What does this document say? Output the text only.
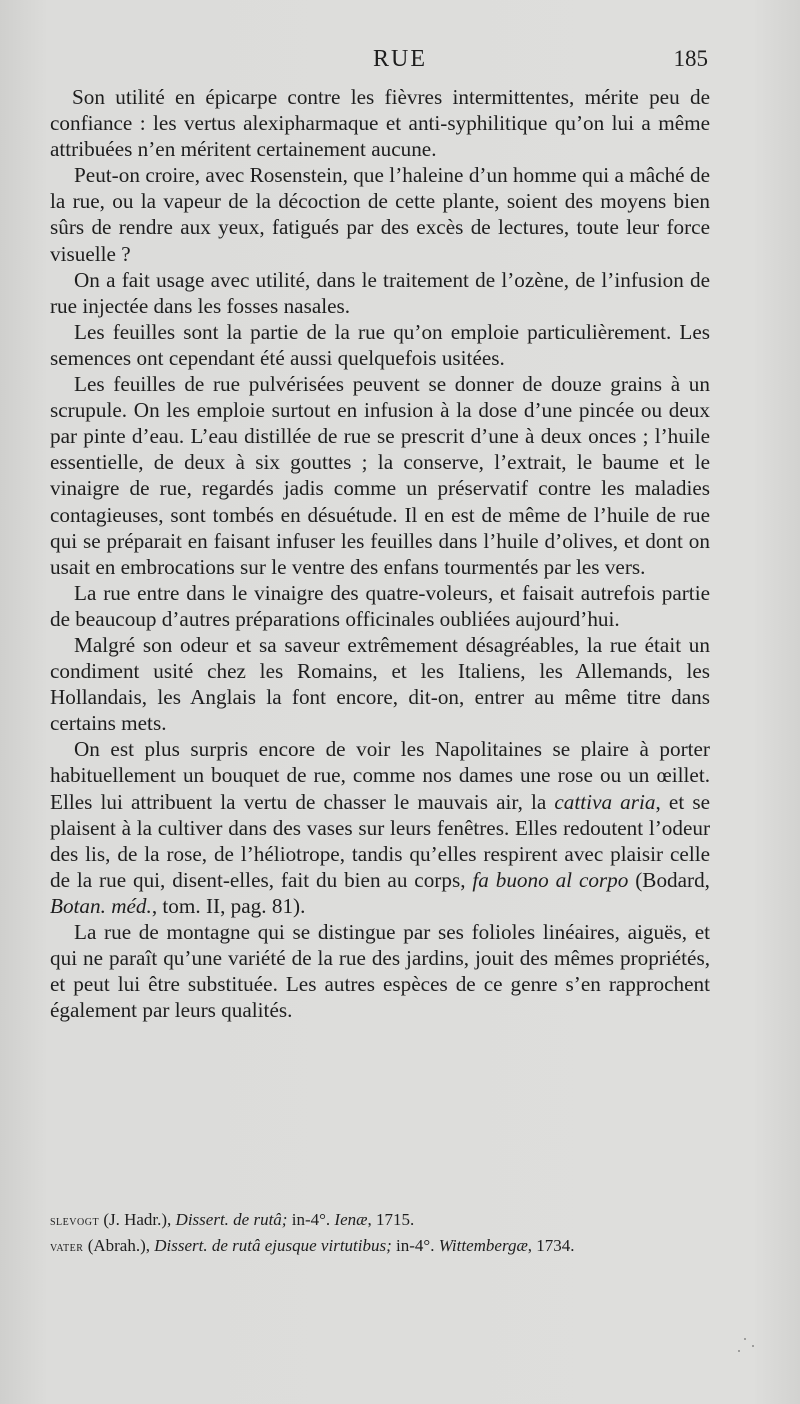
RUE	185

Son utilité en épicarpe contre les fièvres intermittentes, mérite peu de confiance : les vertus alexipharmaque et anti-syphilitique qu’on lui a même attribuées n’en méritent certainement aucune.

Peut-on croire, avec Rosenstein, que l’haleine d’un homme qui a mâché de la rue, ou la vapeur de la décoction de cette plante, soient des moyens bien sûrs de rendre aux yeux, fatigués par des excès de lectures, toute leur force visuelle ?

On a fait usage avec utilité, dans le traitement de l’ozène, de l’infusion de rue injectée dans les fosses nasales.

Les feuilles sont la partie de la rue qu’on emploie particulièrement. Les semences ont cependant été aussi quelquefois usitées.

Les feuilles de rue pulvérisées peuvent se donner de douze grains à un scrupule. On les emploie surtout en infusion à la dose d’une pincée ou deux par pinte d’eau. L’eau distillée de rue se prescrit d’une à deux onces ; l’huile essentielle, de deux à six gouttes ; la conserve, l’extrait, le baume et le vinaigre de rue, regardés jadis comme un préservatif contre les maladies contagieuses, sont tombés en désuétude. Il en est de même de l’huile de rue qui se préparait en faisant infuser les feuilles dans l’huile d’olives, et dont on usait en embrocations sur le ventre des enfans tourmentés par les vers.

La rue entre dans le vinaigre des quatre-voleurs, et faisait autrefois partie de beaucoup d’autres préparations officinales oubliées aujourd’hui.

Malgré son odeur et sa saveur extrêmement désagréables, la rue était un condiment usité chez les Romains, et les Italiens, les Allemands, les Hollandais, les Anglais la font encore, dit-on, entrer au même titre dans certains mets.

On est plus surpris encore de voir les Napolitaines se plaire à porter habituellement un bouquet de rue, comme nos dames une rose ou un œillet. Elles lui attribuent la vertu de chasser le mauvais air, la cattiva aria, et se plaisent à la cultiver dans des vases sur leurs fenêtres. Elles redoutent l’odeur des lis, de la rose, de l’héliotrope, tandis qu’elles respirent avec plaisir celle de la rue qui, disent-elles, fait du bien au corps, fa buono al corpo (Bodard, Botan. méd., tom. II, pag. 81).

La rue de montagne qui se distingue par ses folioles linéaires, aiguës, et qui ne paraît qu’une variété de la rue des jardins, jouit des mêmes propriétés, et peut lui être substituée. Les autres espèces de ce genre s’en rapprochent également par leurs qualités.

slevogt (J. Hadr.), Dissert. de rutâ; in-4°. Ienæ, 1715.

vater (Abrah.), Dissert. de rutâ ejusque virtutibus; in-4°. Wittembergæ, 1734.
